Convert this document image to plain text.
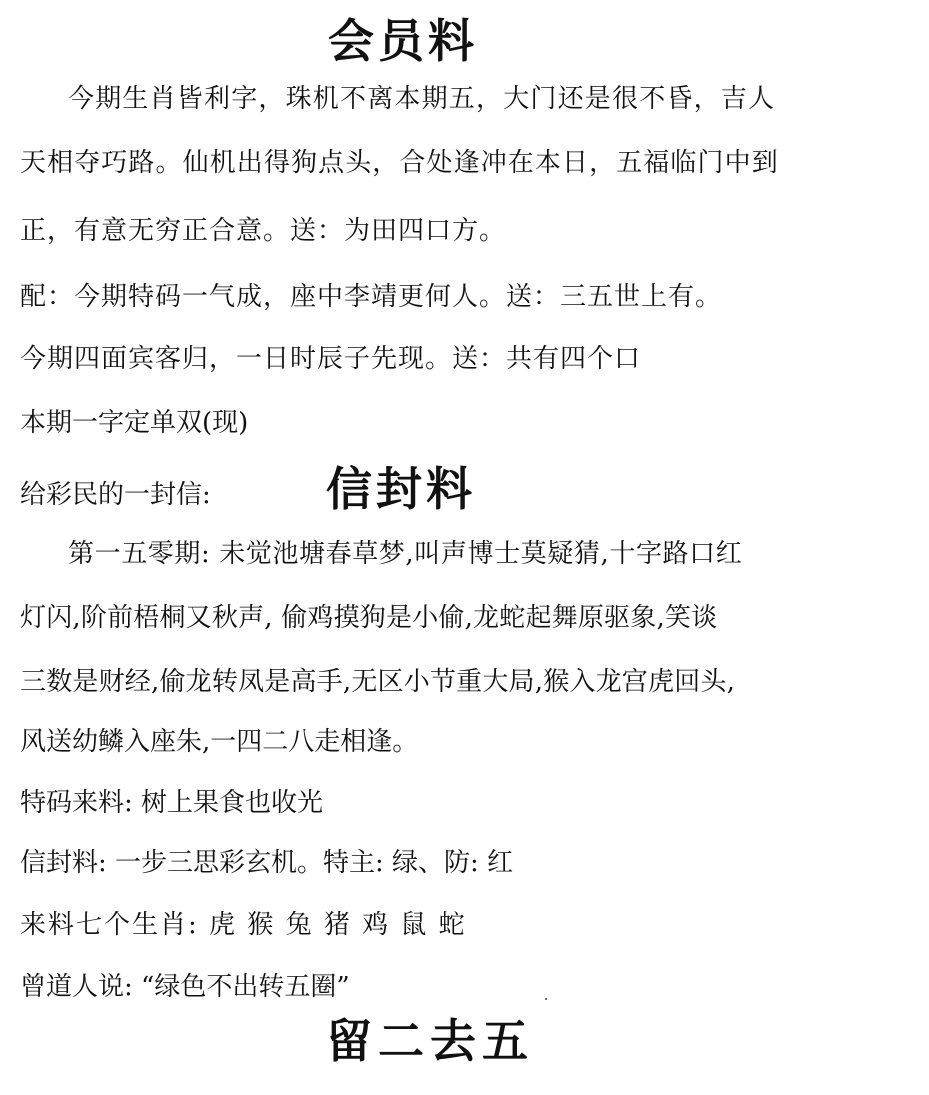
会员料
今期生肖皆利字，珠机不离本期五，大门还是很不昏，吉人
天相夺巧路。仙机出得狗点头，合处逢冲在本日，五福临门中到
正，有意无穷正合意。送：为田四口方。
配：今期特码一气成，座中李靖更何人。送：三五世上有。
今期四面宾客归，一日时辰子先现。送：共有四个口
本期一字定单双(现)
给彩民的一封信:	信封料
第一五零期: 未觉池塘春草梦,叫声博士莫疑猜,十字路口红
灯闪,阶前梧桐又秋声, 偷鸡摸狗是小偷,龙蛇起舞原驱象,笑谈
三数是财经,偷龙转凤是高手,无区小节重大局,猴入龙宫虎回头,
风送幼鳞入座朱,一四二八走相逢。
特码来料: 树上果食也收光
信封料: 一步三思彩玄机。特主: 绿、防: 红
来料七个生肖: 虎 猴 兔 猪 鸡 鼠 蛇
曾道人说: “绿色不出转五圈”
留二去五
